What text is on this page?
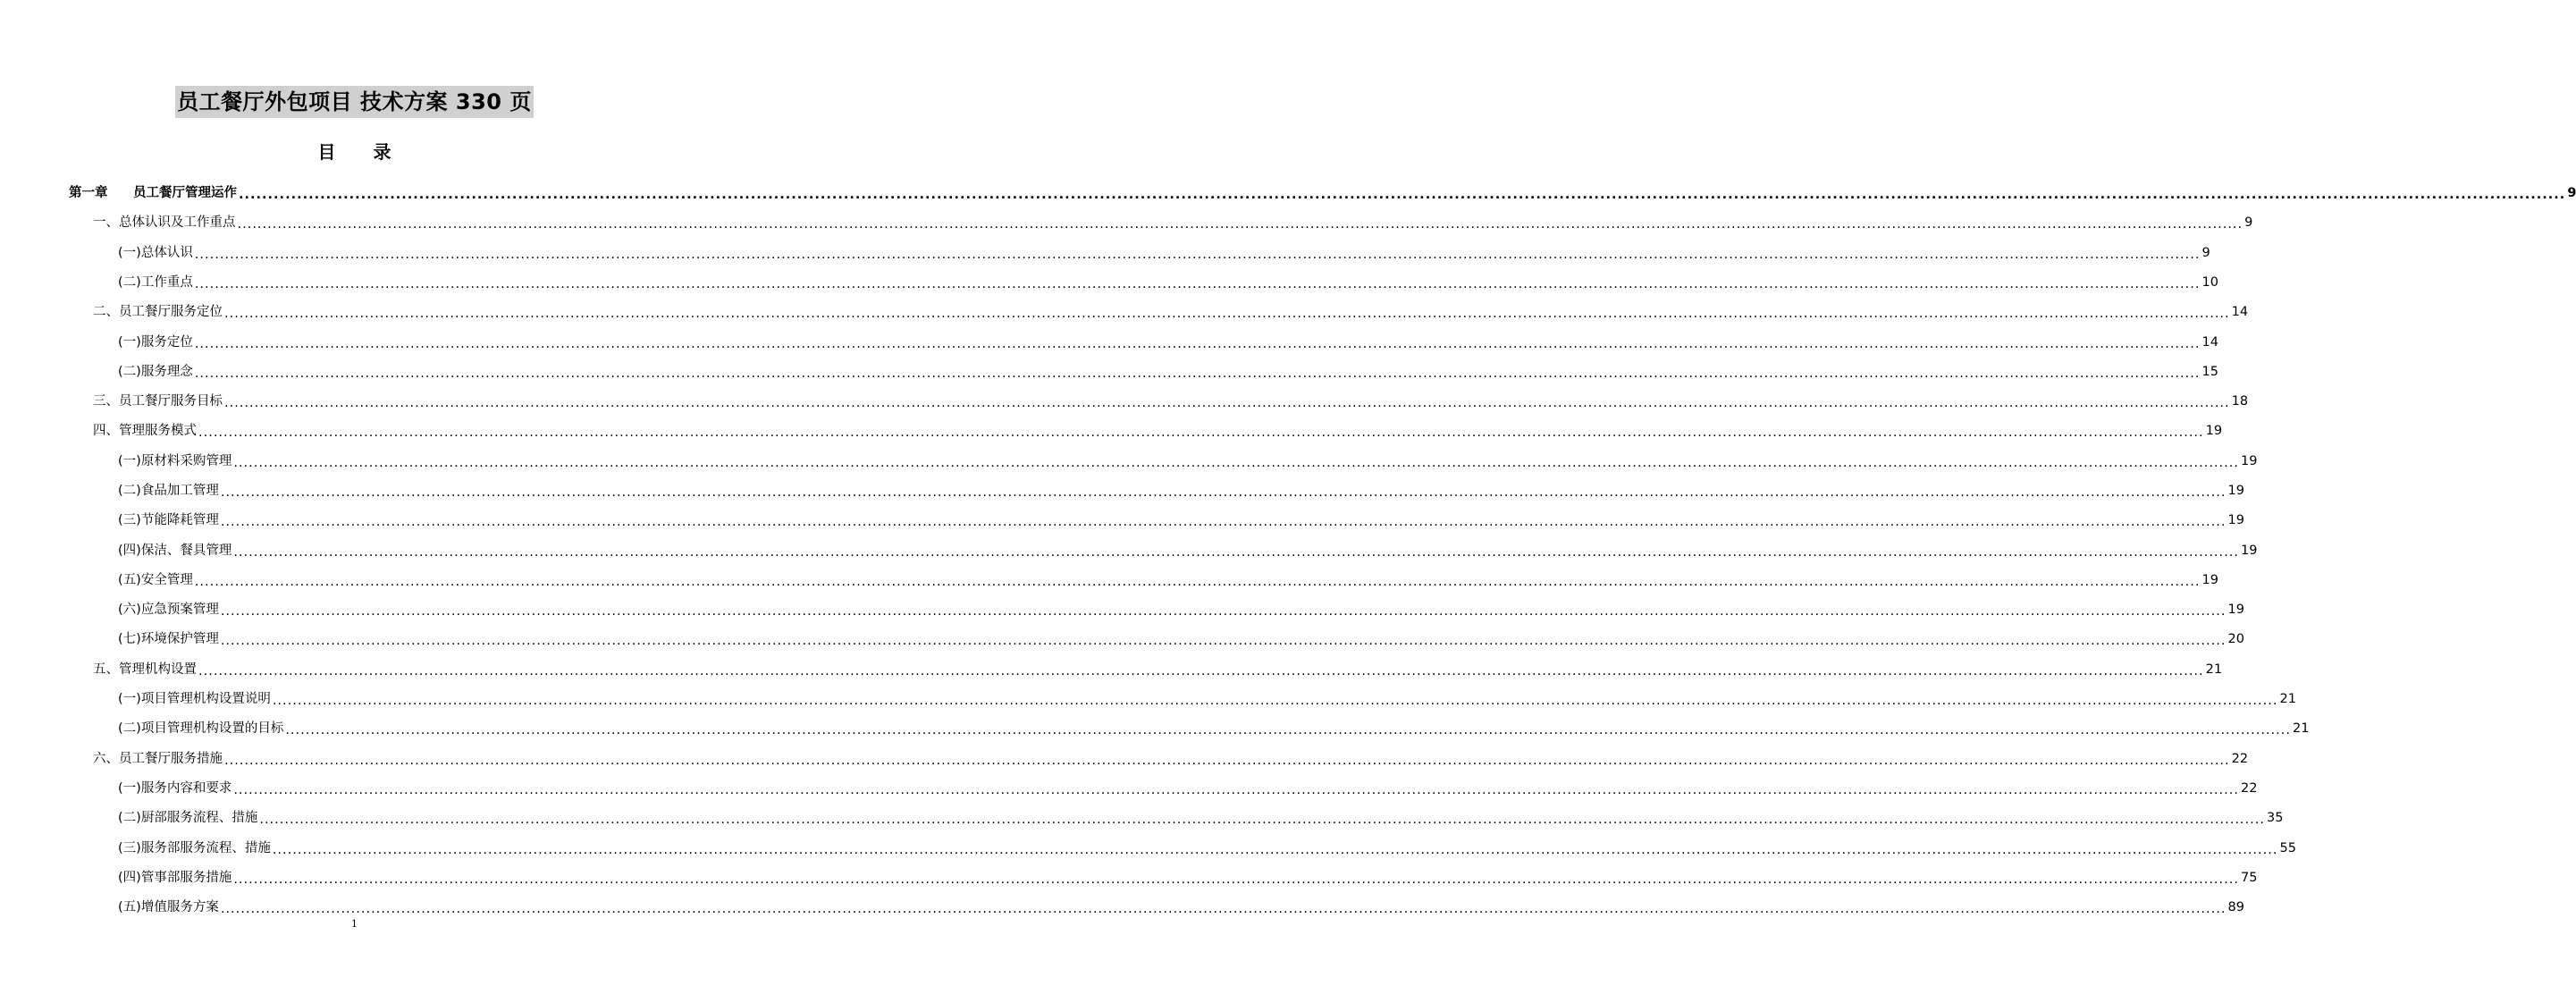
员工餐厅外包项目 技术方案 330 页
目 录
第一章 员工餐厅管理运作 ................................................................................................................................................................................................................................................................................................................................................................................................................ 9
一、总体认识及工作重点 ................................................................................................................................................................................................................................................................................................................................................................................................................ 9
(一)总体认识 ................................................................................................................................................................................................................................................................................................................................................................................................................ 9
(二)工作重点 ................................................................................................................................................................................................................................................................................................................................................................................................................ 10
二、员工餐厅服务定位 ................................................................................................................................................................................................................................................................................................................................................................................................................ 14
(一)服务定位 ................................................................................................................................................................................................................................................................................................................................................................................................................ 14
(二)服务理念 ................................................................................................................................................................................................................................................................................................................................................................................................................ 15
三、员工餐厅服务目标 ................................................................................................................................................................................................................................................................................................................................................................................................................ 18
四、管理服务模式 ................................................................................................................................................................................................................................................................................................................................................................................................................ 19
(一)原材料采购管理 ................................................................................................................................................................................................................................................................................................................................................................................................................ 19
(二)食品加工管理 ................................................................................................................................................................................................................................................................................................................................................................................................................ 19
(三)节能降耗管理 ................................................................................................................................................................................................................................................................................................................................................................................................................ 19
(四)保洁、餐具管理 ................................................................................................................................................................................................................................................................................................................................................................................................................ 19
(五)安全管理 ................................................................................................................................................................................................................................................................................................................................................................................................................ 19
(六)应急预案管理 ................................................................................................................................................................................................................................................................................................................................................................................................................ 19
(七)环境保护管理 ................................................................................................................................................................................................................................................................................................................................................................................................................ 20
五、管理机构设置 ................................................................................................................................................................................................................................................................................................................................................................................................................ 21
(一)项目管理机构设置说明 ................................................................................................................................................................................................................................................................................................................................................................................................................ 21
(二)项目管理机构设置的目标 ................................................................................................................................................................................................................................................................................................................................................................................................................ 21
六、员工餐厅服务措施 ................................................................................................................................................................................................................................................................................................................................................................................................................ 22
(一)服务内容和要求 ................................................................................................................................................................................................................................................................................................................................................................................................................ 22
(二)厨部服务流程、措施 ................................................................................................................................................................................................................................................................................................................................................................................................................ 35
(三)服务部服务流程、措施 ................................................................................................................................................................................................................................................................................................................................................................................................................ 55
(四)管事部服务措施 ................................................................................................................................................................................................................................................................................................................................................................................................................ 75
(五)增值服务方案 ................................................................................................................................................................................................................................................................................................................................................................................................................ 89
1
